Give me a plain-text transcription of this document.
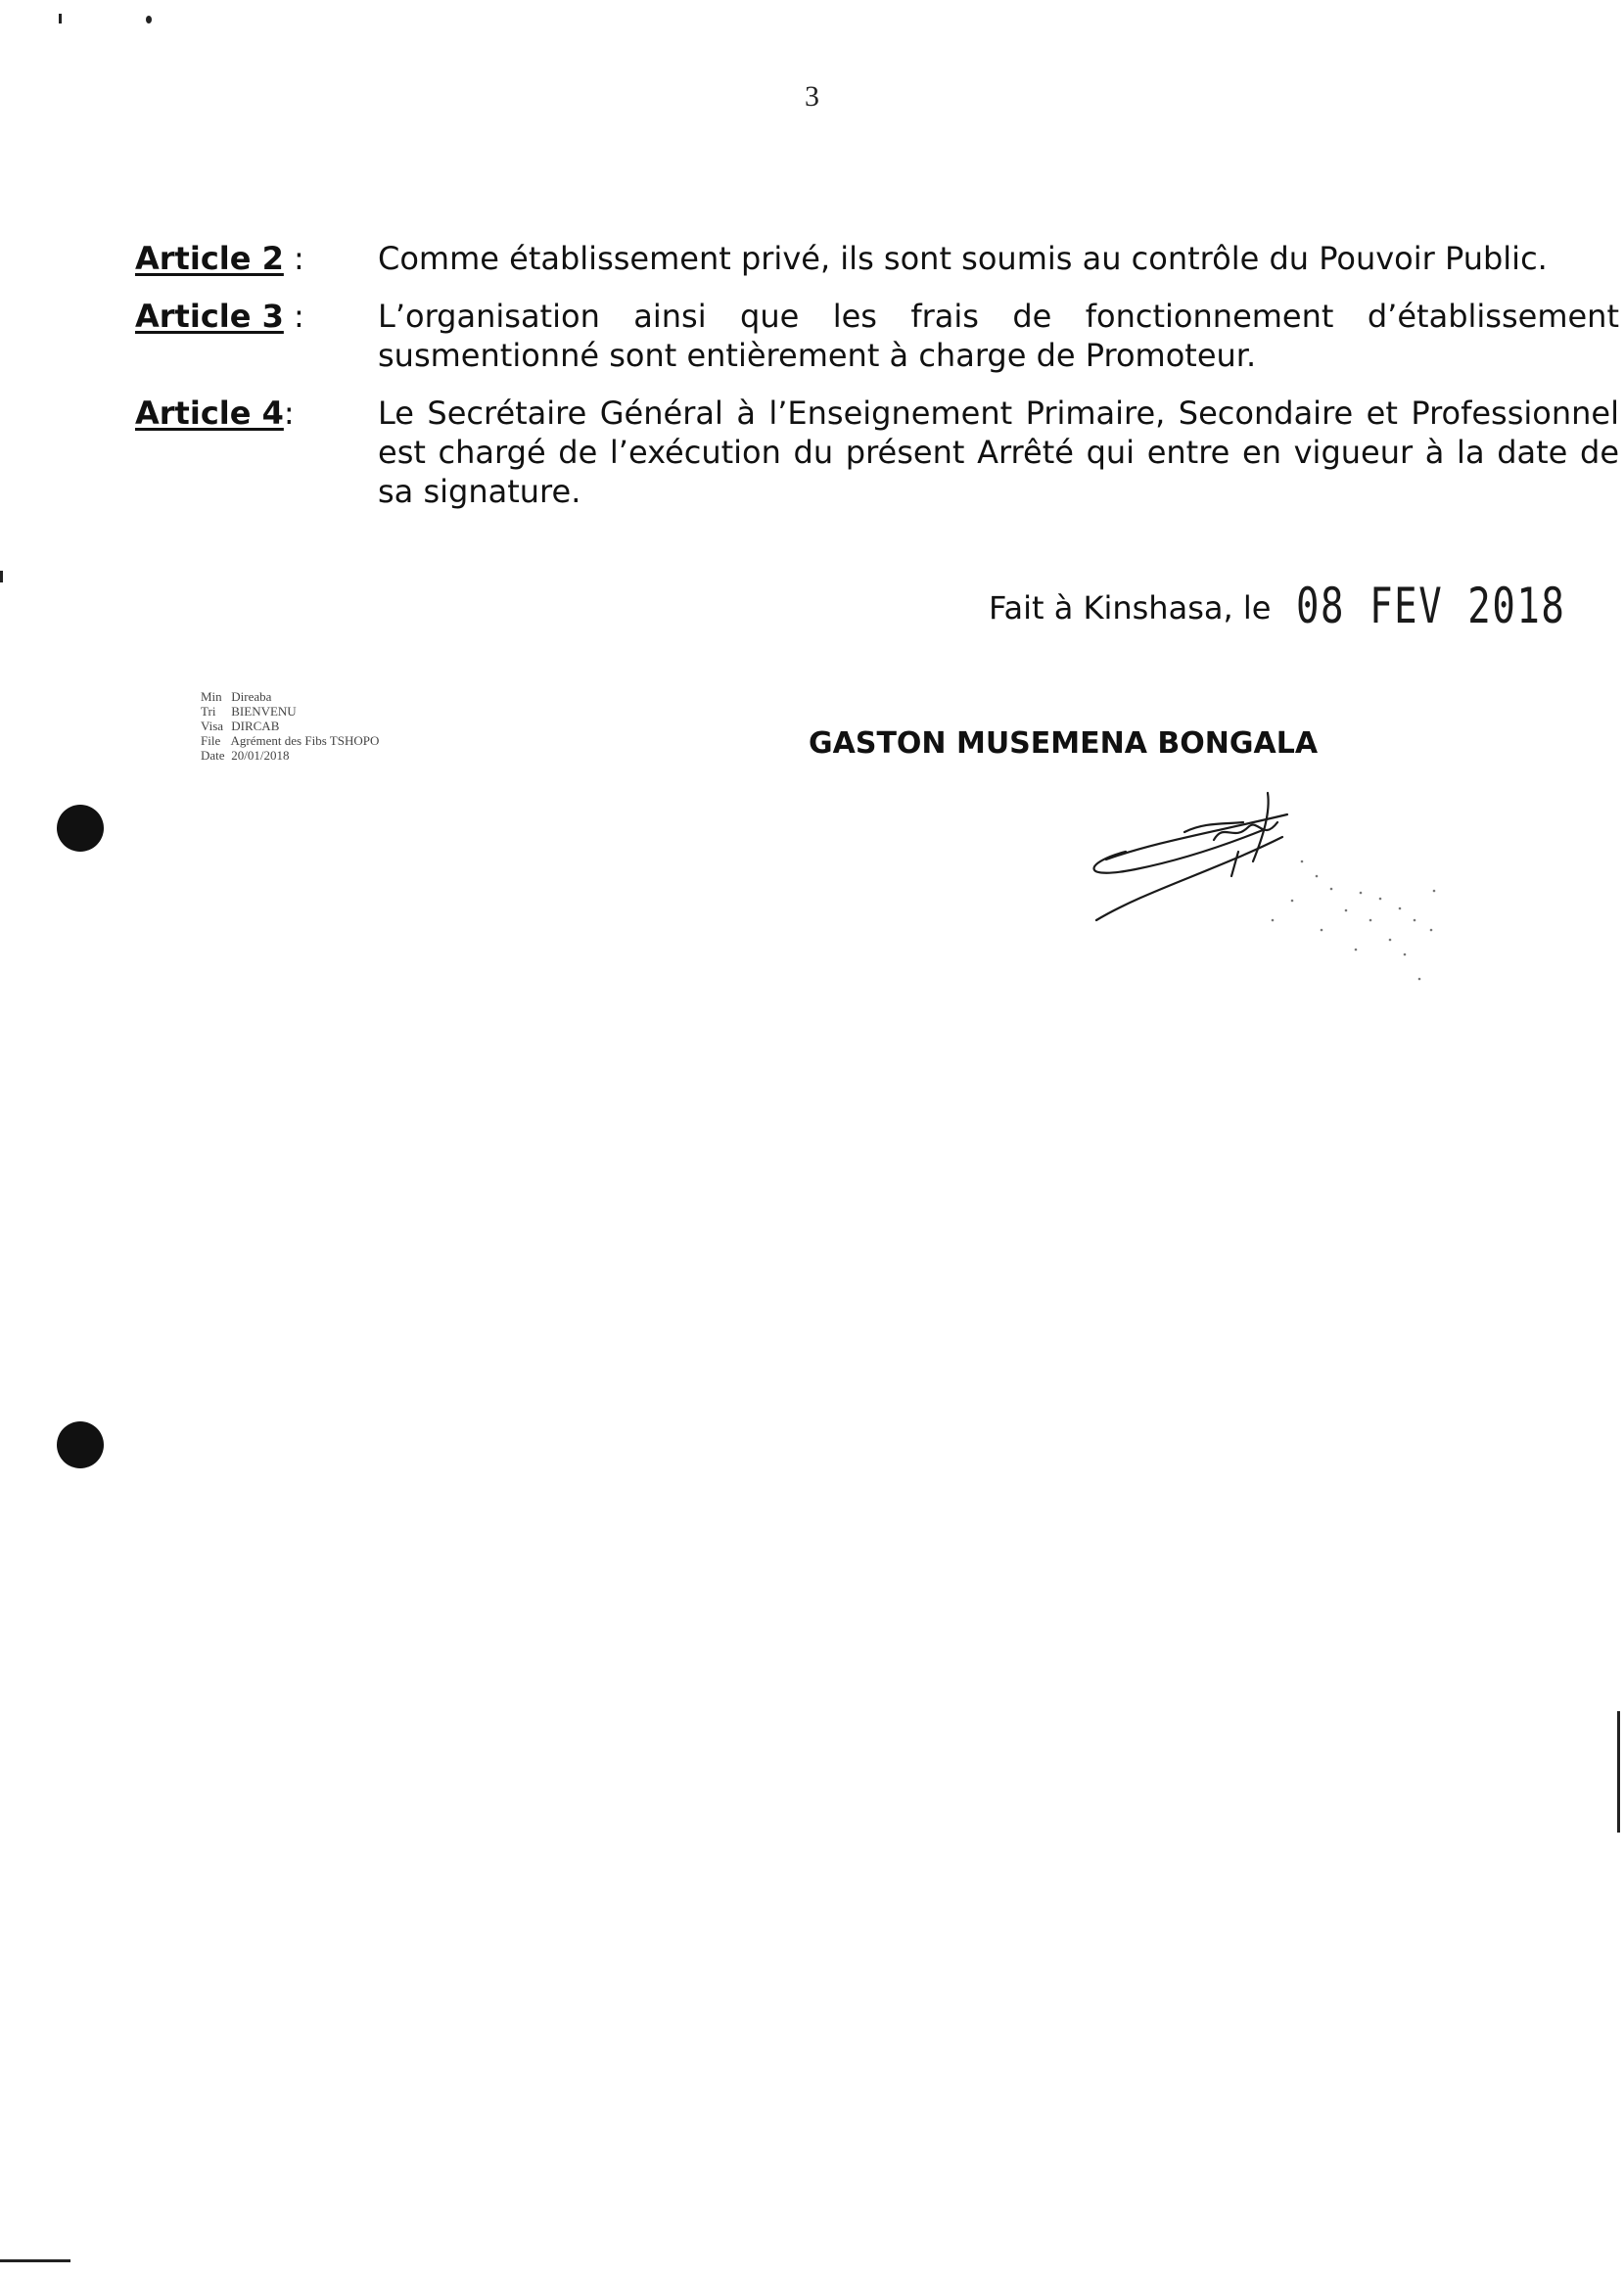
3
Article 2 :	Comme établissement privé, ils sont soumis au contrôle du Pouvoir Public.
Article 3 :	L’organisation ainsi que les frais de fonctionnement d’établissement susmentionné sont entièrement à charge de Promoteur.
Article 4:	Le Secrétaire Général à l’Enseignement Primaire, Secondaire et Professionnel est chargé de l’exécution du présent Arrêté qui entre en vigueur à la date de sa signature.
Fait à Kinshasa, le 08 FEV 2018
Min Direaba
Tri BIENVENU
Visa DIRCAB
File Agrément des Fibs TSHOPO
Date 20/01/2018	GASTON MUSEMENA BONGALA
